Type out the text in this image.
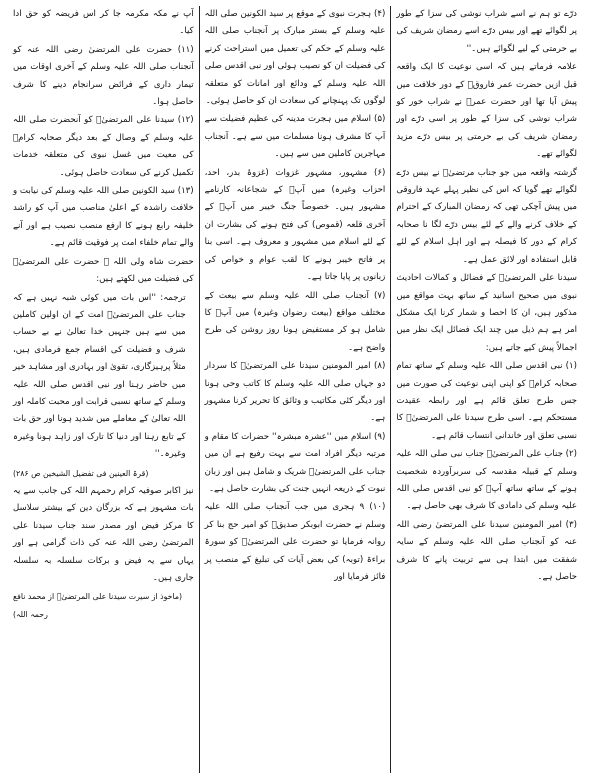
درّے تو ہم نے اسے شراب نوشی کی سزا کے طور پر لگوائے تھے اور بیس درّے اسے رمضان شریف کی بے حرمتی کے لیے لگوائے ہیں۔''

علامہ فرماتے ہیں کہ اسی نوعیت کا ایک واقعہ قبل ازیں حضرت عمر فاروقؓ کے دور خلافت میں پیش آیا تھا اور حضرت عمرؓ نے شراب خور کو شراب نوشی کی سزا کے طور پر اسی درّے اور رمضان شریف کی بے حرمتی پر بیس درّے مزید لگوائے تھے۔

گزشتہ واقعہ میں جو جناب مرتضیٰؓ نے بیس درّے لگوائے تھے گویا کہ اس کی نظیر پہلے عہد فاروقی میں پیش آچکی تھی کہ رمضان المبارک کے احترام کے خلاف کرنے والے کے لئے بیس درّے لگا نا صحابہ کرام کے دور کا فیصلہ ہے اور اہل اسلام کے لئے قابل استفادہ اور لائق عمل ہے۔

سیدنا علی المرتضیٰؓ کے فضائل و کمالات احادیث نبوی میں صحیح اسانید کے ساتھ بہت مواقع میں مذکور ہیں، ان کا احصا و شمار کرنا ایک مشکل امر ہے ہم ذیل میں چند ایک فضائل ایک نظر میں اجمالاً پیش کیے جاتے ہیں:

(۱) نبی اقدس صلی اللہ علیہ وسلم کے ساتھ تمام صحابہ کرامؓ کو اپنی اپنی نوعیت کی صورت میں جس طرح تعلق قائم ہے اور رابطہ عقیدت مستحکم ہے۔ اسی طرح سیدنا علی المرتضیٰؓ کا نسبی تعلق اور خاندانی انتساب قائم ہے۔

(۲) جناب علی المرتضیٰؓ جناب نبی صلی اللہ علیہ وسلم کے قبیلہ مقدسہ کی سربرآوردہ شخصیت ہونے کے ساتھ ساتھ آپؓ کو نبی اقدس صلی اللہ علیہ وسلم کی دامادی کا شرف بھی حاصل ہے۔

(۳) امیر المومنین سیدنا علی المرتضیٰ رضی اللہ عنہ کو آنجناب صلی اللہ علیہ وسلم کے سایہ شفقت میں ابتدا ہی سے تربیت پانے کا شرف حاصل ہے۔

(۴) ہجرت نبوی کے موقع پر سید الکونین صلی اللہ علیہ وسلم کے بستر مبارک پر آنجناب صلی اللہ علیہ وسلم کے حکم کی تعمیل میں استراحت کرنے کی فضیلت ان کو نصیب ہوئی اور نبی اقدس صلی اللہ علیہ وسلم کے ودائع اور امانات کو متعلقہ لوگوں تک پہنچانے کی سعادت ان کو حاصل ہوئی۔

(۵) اسلام میں ہجرت مدینہ کی عظیم فضیلت سے آپ کا مشرف ہونا مسلمات میں سے ہے۔ آنجناب مہاجرین کاملین میں سے ہیں۔

(۶) مشہور، مشہور غزوات (غزوۂ بدر، احد، احزاب وغیرہ) میں آپؓ کے شجاعانہ کارنامے مشہور ہیں۔ خصوصاً جنگ خیبر میں آپؓ کے آخری قلعہ (قموص) کی فتح ہونے کی بشارت ان کے لئے اسلام میں مشہور و معروف ہے۔ اسی بنا پر فاتح خیبر ہونے کا لقب عوام و خواص کی زبانوں پر پایا جاتا ہے۔

(۷) آنجناب صلی اللہ علیہ وسلم سے بیعت کے مختلف مواقع (بیعت رضوان وغیرہ) میں آپؓ کا شامل ہو کر مستفیض ہونا روز روشن کی طرح واضح ہے۔

(۸) امیر المومنین سیدنا علی المرتضیٰؓ کا سردار دو جہاں صلی اللہ علیہ وسلم کا کاتب وحی ہونا اور دیگر کئی مکاتیب و وثائق کا تحریر کرنا مشہور ہے۔

(۹) اسلام میں ''عشرہ مبشرہ'' حضرات کا مقام و مرتبہ دیگر افراد امت سے بہت رفیع ہے ان میں جناب علی المرتضیٰؓ شریک و شامل ہیں اور زبان نبوت کے ذریعہ انہیں جنت کی بشارت حاصل ہے۔

(۱۰) ۹ ہجری میں جب آنجناب صلی اللہ علیہ وسلم نے حضرت ابوبکر صدیقؓ کو امیر حج بنا کر روانہ فرمایا تو حضرت علی المرتضیٰؓ کو سورۃ براءۃ (توبہ) کی بعض آیات کی تبلیغ کے منصب پر فائز فرمایا اور

آپ نے مکہ مکرمہ جا کر اس فریضہ کو حق ادا کیا۔

(۱۱) حضرت علی المرتضیٰ رضی اللہ عنہ کو آنجناب صلی اللہ علیہ وسلم کے آخری اوقات میں تیمار داری کے فرائض سرانجام دینے کا شرف حاصل ہوا۔

(۱۲) سیدنا علی المرتضیٰؓ کو آنحضرت صلی اللہ علیہ وسلم کے وصال کے بعد دیگر صحابہ کرامؓ کی معیت میں غسل نبوی کی متعلقہ خدمات تکمیل کرنے کی سعادت حاصل ہوئی۔

(۱۳) سید الکونین صلی اللہ علیہ وسلم کی نیابت و خلافت راشدہ کے اعلیٰ مناصب میں آپ کو راشد خلیفہ رابع ہونے کا ارفع منصب نصیب ہے اور آنے والے تمام خلفاء امت پر فوقیت قائم ہے۔

حضرت شاہ ولی اللہ ؒ حضرت علی المرتضیٰؓ کی فضیلت میں لکھتے ہیں:

ترجمہ: ''اس بات میں کوئی شبہ نہیں ہے کہ جناب علی المرتضیٰؓ امت کے ان اولین کاملین میں سے ہیں جنہیں خدا تعالیٰ نے بے حساب شرف و فضیلت کی اقسام جمع فرمادی ہیں، مثلاً پرہیزگاری، تقویٰ اور بہادری اور مشاہد خیر میں حاضر رہنا اور نبی اقدس صلی اللہ علیہ وسلم کے ساتھ نسبی قرابت اور محبت کاملہ اور اللہ تعالیٰ کے معاملے میں شدید ہونا اور حق بات کے تابع رہنا اور دنیا کا تارک اور زاہد ہونا وغیرہ وغیرہ۔''

(قرۃ العینین فی تفضیل الشیخین ص ۲۸۶)

نیز اکابر صوفیہ کرام رحمہم اللہ کی جانب سے یہ بات مشہور ہے کہ بزرگان دین کے بیشتر سلاسل کا مرکز فیض اور مصدر سند جناب سیدنا علی المرتضیٰ رضی اللہ عنہ کی ذات گرامی ہے اور یہاں سے یہ فیض و برکات سلسلہ بہ سلسلہ جاری ہیں۔

(ماخوذ از سیرت سیدنا علی المرتضیٰؓ از محمد نافع رحمہ اللہ)
